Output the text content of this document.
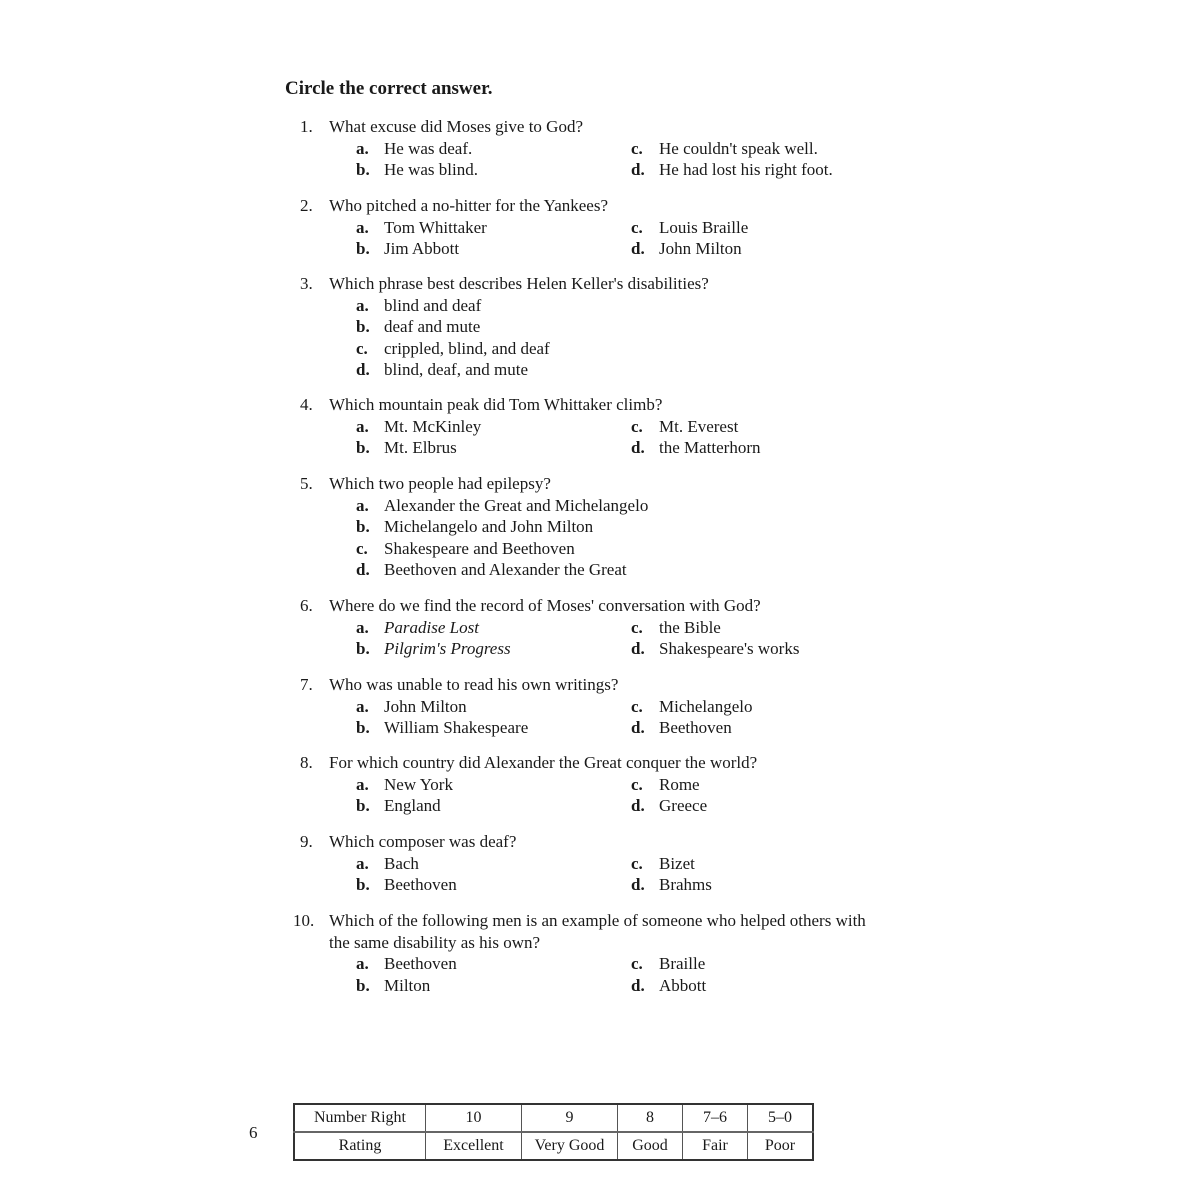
Circle the correct answer.
1. What excuse did Moses give to God?
a. He was deaf.
b. He was blind.
c. He couldn't speak well.
d. He had lost his right foot.
2. Who pitched a no-hitter for the Yankees?
a. Tom Whittaker
b. Jim Abbott
c. Louis Braille
d. John Milton
3. Which phrase best describes Helen Keller's disabilities?
a. blind and deaf
b. deaf and mute
c. crippled, blind, and deaf
d. blind, deaf, and mute
4. Which mountain peak did Tom Whittaker climb?
a. Mt. McKinley
b. Mt. Elbrus
c. Mt. Everest
d. the Matterhorn
5. Which two people had epilepsy?
a. Alexander the Great and Michelangelo
b. Michelangelo and John Milton
c. Shakespeare and Beethoven
d. Beethoven and Alexander the Great
6. Where do we find the record of Moses' conversation with God?
a. Paradise Lost
b. Pilgrim's Progress
c. the Bible
d. Shakespeare's works
7. Who was unable to read his own writings?
a. John Milton
b. William Shakespeare
c. Michelangelo
d. Beethoven
8. For which country did Alexander the Great conquer the world?
a. New York
b. England
c. Rome
d. Greece
9. Which composer was deaf?
a. Bach
b. Beethoven
c. Bizet
d. Brahms
10. Which of the following men is an example of someone who helped others with the same disability as his own?
a. Beethoven
b. Milton
c. Braille
d. Abbott
6
Number Right	10	9	8	7–6	5–0
Rating	Excellent	Very Good	Good	Fair	Poor
